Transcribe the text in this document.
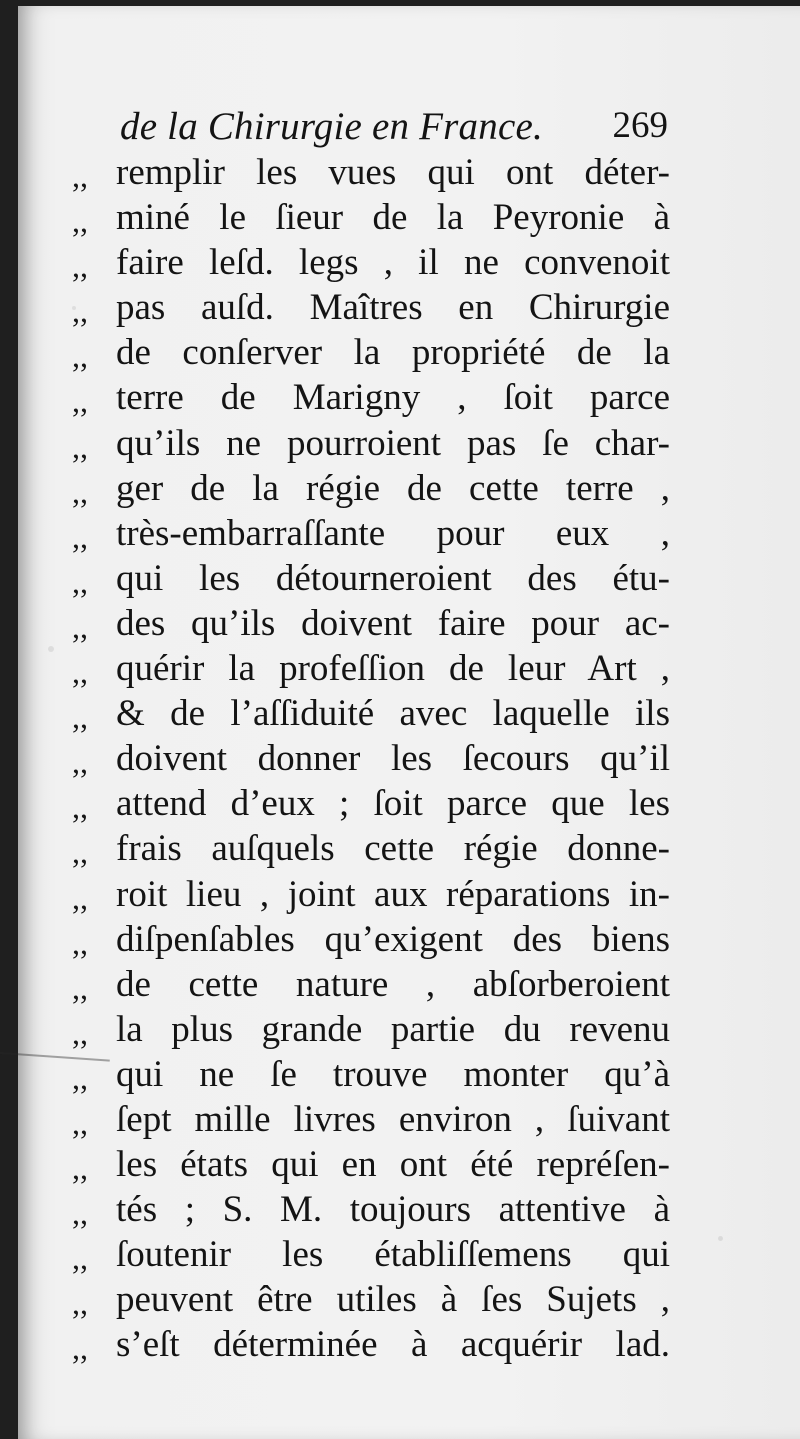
de la Chirurgie en France. 269
,, remplir les vues qui ont déter-
,, miné le ſieur de la Peyronie à
,, faire leſd. legs , il ne convenoit
,, pas auſd. Maîtres en Chirurgie
,, de conſerver la propriété de la
,, terre de Marigny , ſoit parce
,, qu’ils ne pourroient pas ſe char-
,, ger de la régie de cette terre ,
,, très-embarraſſante pour eux ,
,, qui les détourneroient des étu-
,, des qu’ils doivent faire pour ac-
,, quérir la profeſſion de leur Art ,
,, & de l’aſſiduité avec laquelle ils
,, doivent donner les ſecours qu’il
,, attend d’eux ; ſoit parce que les
,, frais auſquels cette régie donne-
,, roit lieu , joint aux réparations in-
,, diſpenſables qu’exigent des biens
,, de cette nature , abſorberoient
,, la plus grande partie du revenu
,, qui ne ſe trouve monter qu’à
,, ſept mille livres environ , ſuivant
,, les états qui en ont été repréſen-
,, tés ; S. M. toujours attentive à
,, ſoutenir les établiſſemens qui
,, peuvent être utiles à ſes Sujets ,
,, s’eſt déterminée à acquérir lad.
